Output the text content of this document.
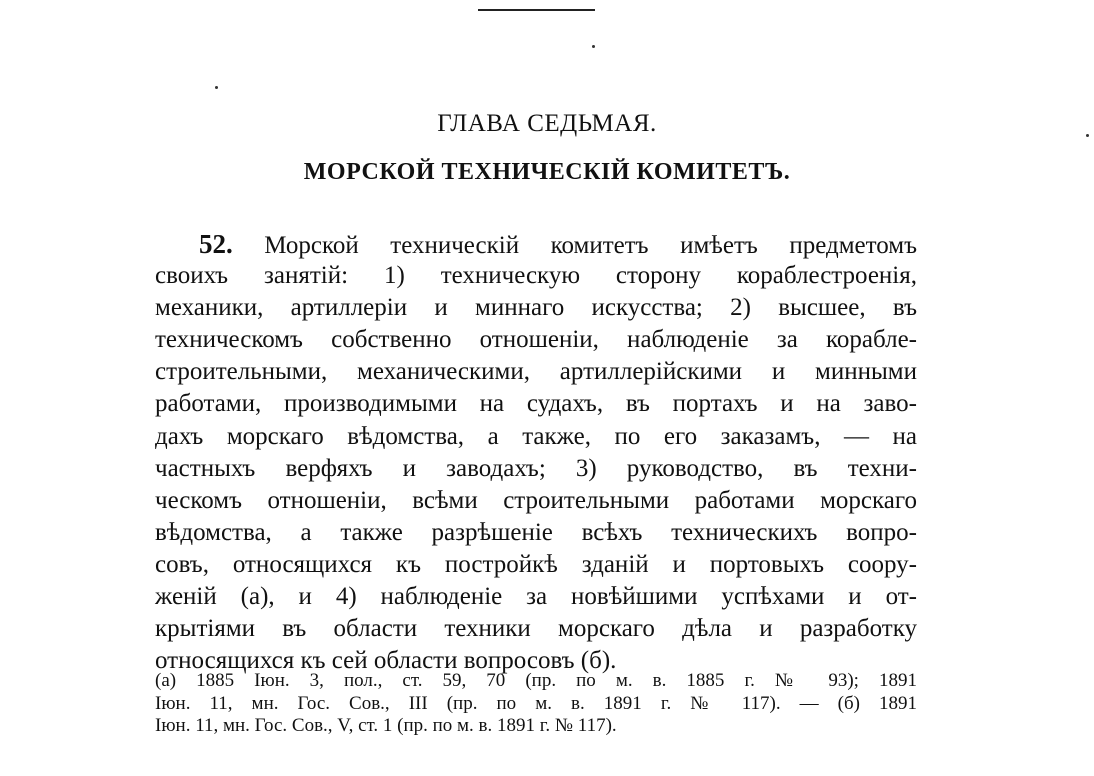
ГЛАВА СЕДЬМАЯ.
МОРСКОЙ ТЕХНИЧЕСКІЙ КОМИТЕТЪ.
52. Морской техническій комитетъ имѣетъ предметомъ
своихъ занятій: 1) техническую сторону кораблестроенія,
механики, артиллеріи и миннаго искусства; 2) высшее, въ
техническомъ собственно отношеніи, наблюденіе за корабле-
строительными, механическими, артиллерійскими и минными
работами, производимыми на судахъ, въ портахъ и на заво-
дахъ морскаго вѣдомства, а также, по его заказамъ, — на
частныхъ верфяхъ и заводахъ; 3) руководство, въ техни-
ческомъ отношеніи, всѣми строительными работами морскаго
вѣдомства, а также разрѣшеніе всѣхъ техническихъ вопро-
совъ, относящихся къ постройкѣ зданій и портовыхъ соору-
женій (а), и 4) наблюденіе за новѣйшими успѣхами и от-
крытіями въ области техники морскаго дѣла и разработку
относящихся къ сей области вопросовъ (б).
(а) 1885 Іюн. 3, пол., ст. 59, 70 (пр. по м. в. 1885 г. № 93); 1891
Іюн. 11, мн. Гос. Сов., III (пр. по м. в. 1891 г. № 117). — (б) 1891
Іюн. 11, мн. Гос. Сов., V, ст. 1 (пр. по м. в. 1891 г. № 117).
